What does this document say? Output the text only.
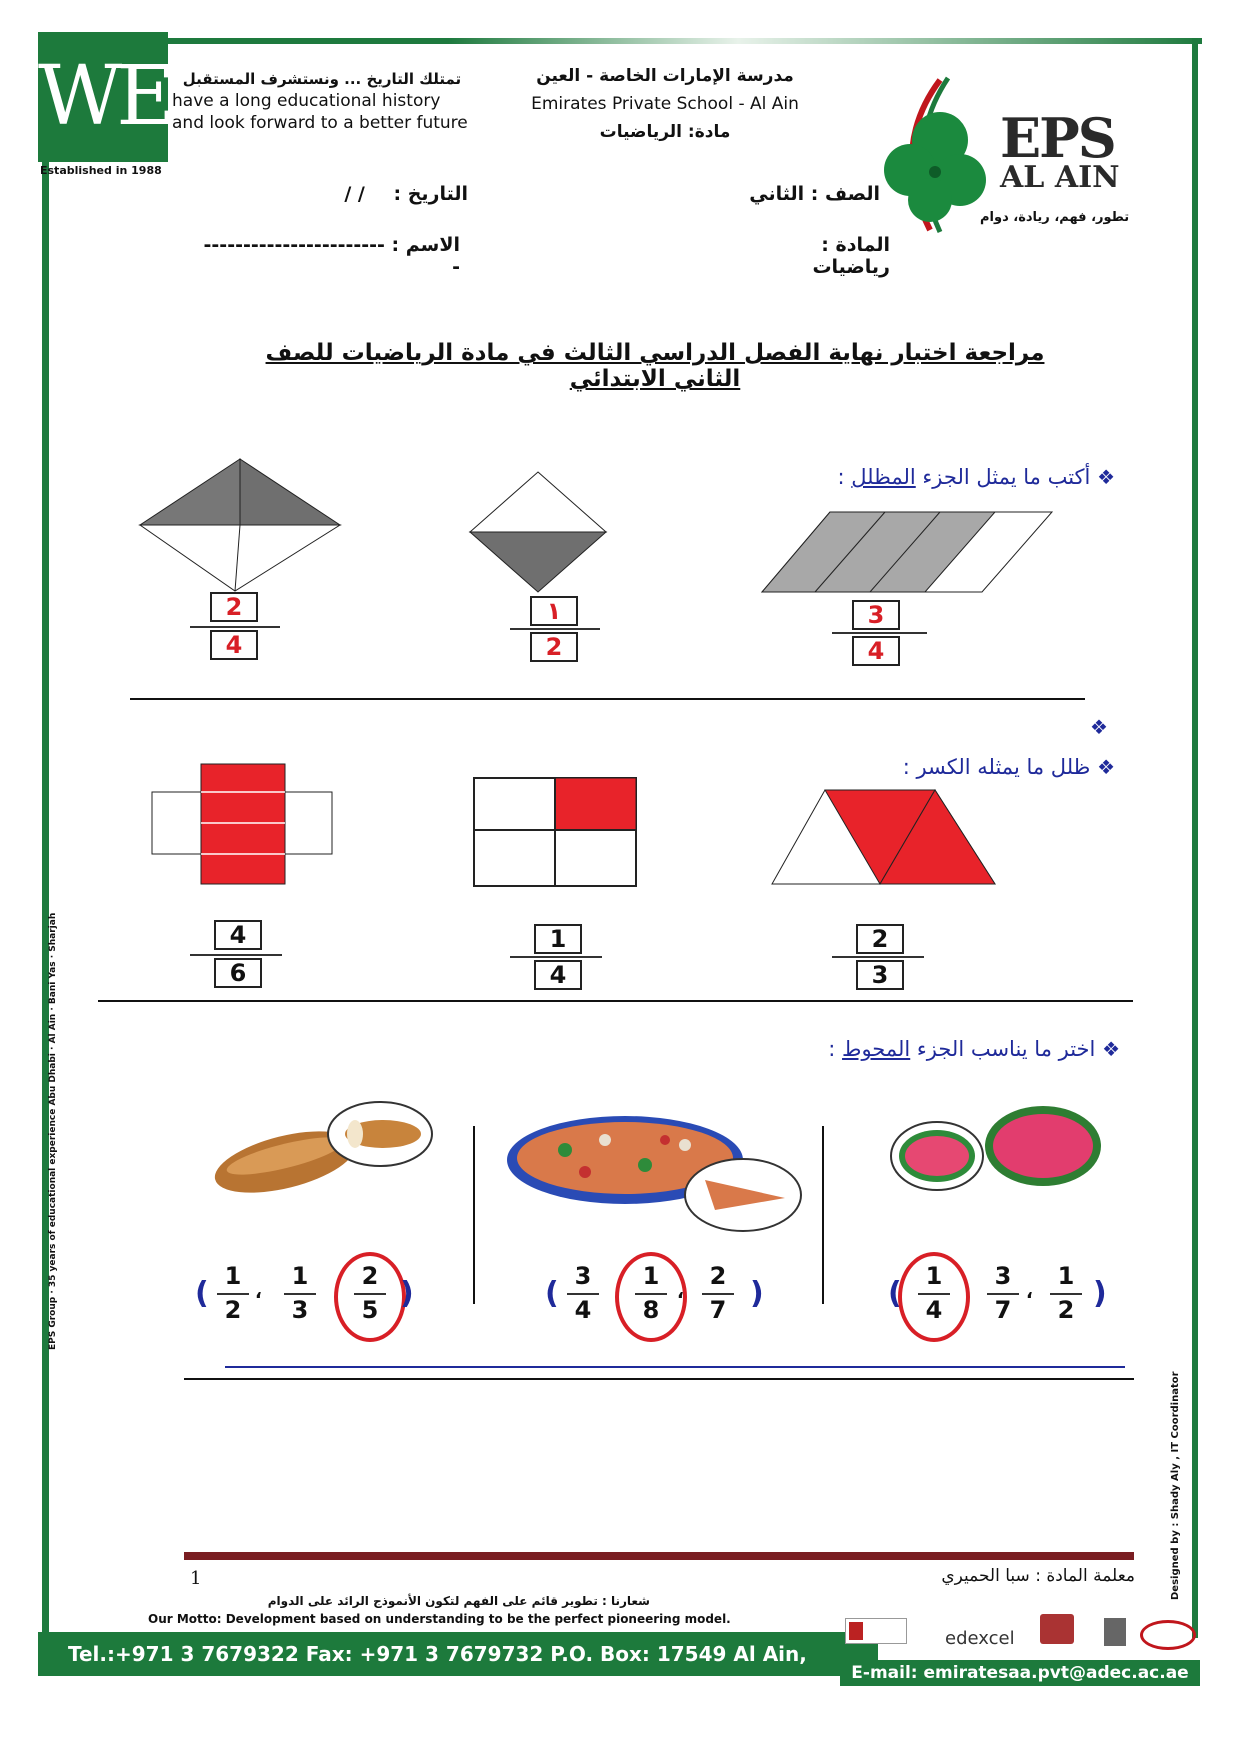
WE
Established in 1988
تمتلك التاريخ ... ونستشرف المستقبل
have a long educational history and look forward to a better future
مدرسة الإمارات الخاصة - العين
Emirates Private School - Al Ain
مادة: الرياضيات	EPS
AL AIN
تطور، فهم، ريادة، دوام
التاريخ : / /	الصف : الثاني
الاسم : ------------------------
المادة : رياضيات
مراجعة اختبار نهاية الفصل الدراسي الثالث في مادة الرياضيات للصف الثاني الابتدائي
❖ أكتب ما يمثل الجزء المظلل :
$\frac{2}{4}$
١
2
$\frac{3}{4}$
❖
❖ ظلل ما يمثله الكسر :
$\frac{4}{6}$
$\frac{1}{4}$
$\frac{2}{3}$
❖ اختر ما يناسب الجزء المحوط :
( 1
2
،
1
3
2
5 )	( 3
4
1
8
،
2
7 )	( 1
4
3
7
،
1
2 )
1	معلمة المادة : سبا الحميري
شعارنا : تطوير قائم على الفهم لتكون الأنموذج الرائد على الدوام
Our Motto: Development based on understanding to be the perfect pioneering model.
Tel.:+971 3 7679322 Fax: +971 3 7679732 P.O. Box: 17549 Al Ain, U.A.E.
E-mail: emiratesaa.pvt@adec.ac.ae
edexcel
EPS Group · 35 years of educational experience Abu Dhabi · Al Ain · Bani Yas · Sharjah
Designed by : Shady Aly , IT Coordinator
